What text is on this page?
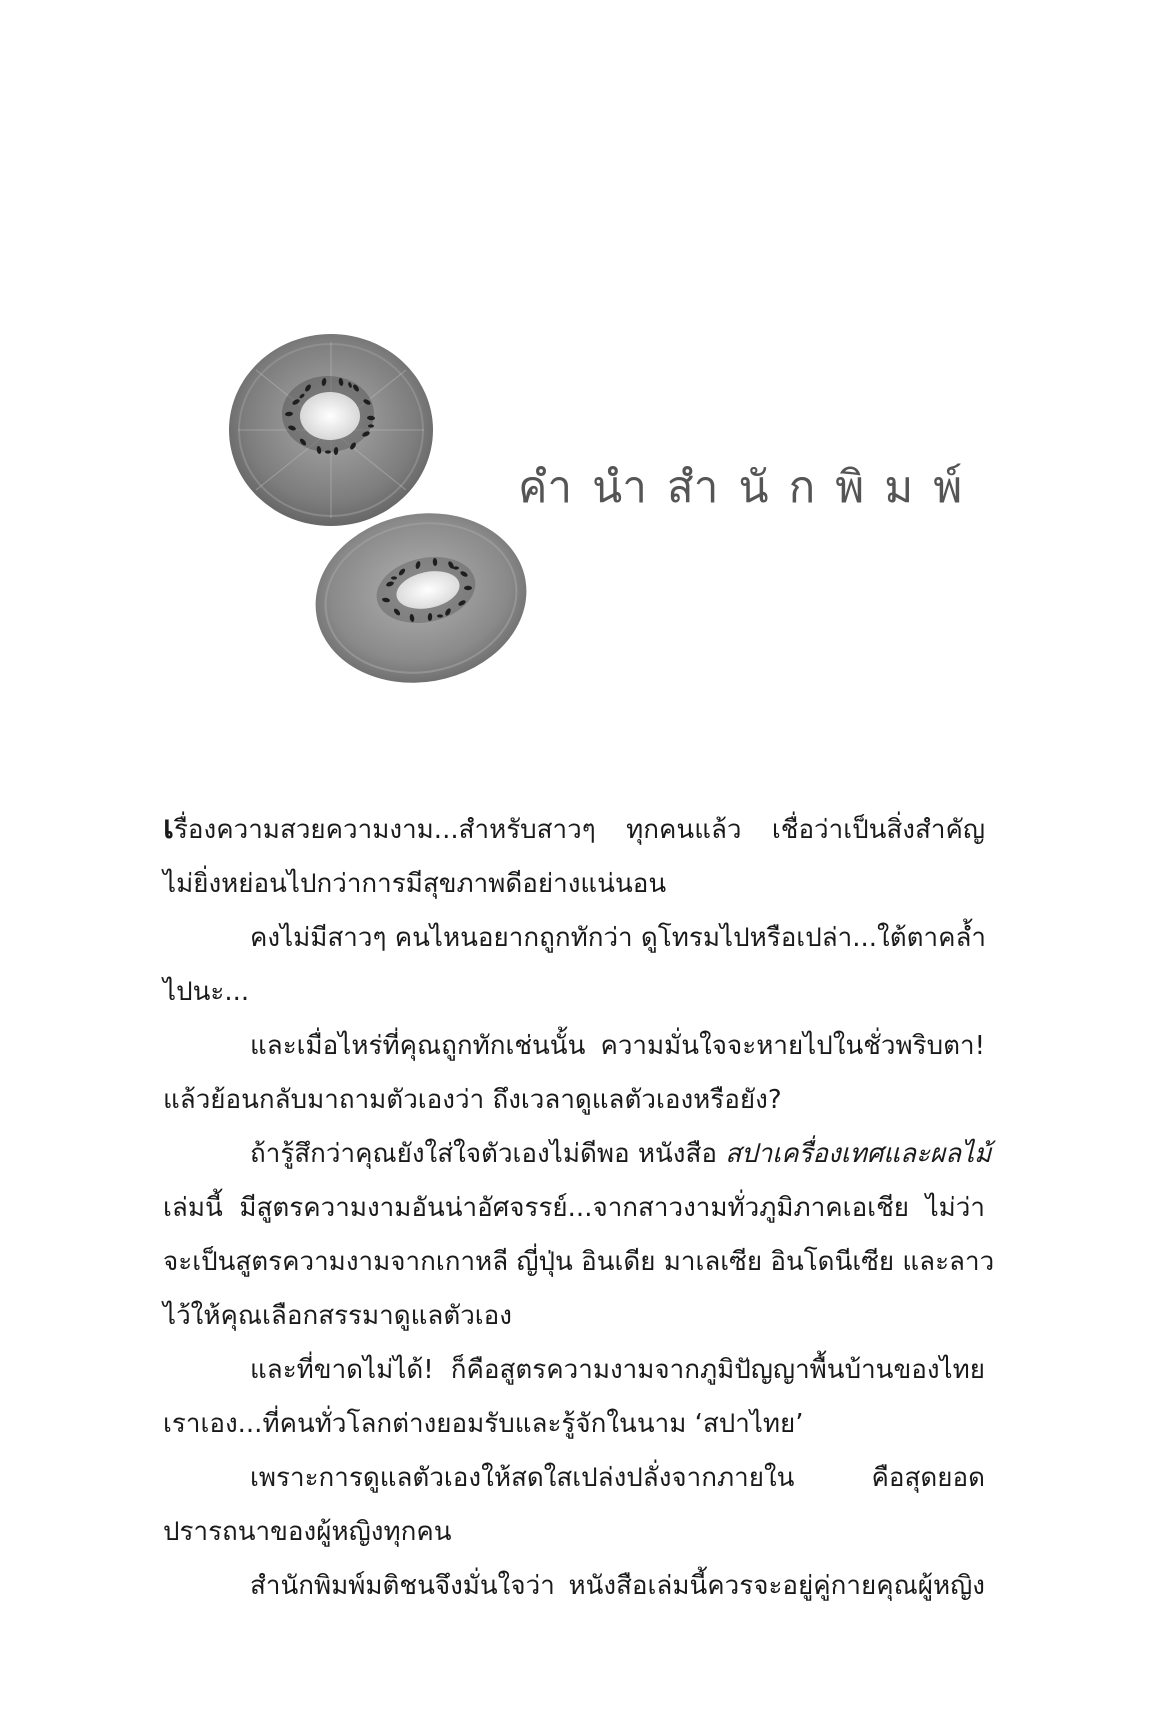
คำนำสำนักพิมพ์

เรื่องความสวยความงาม...สำหรับสาวๆ ทุกคนแล้ว เชื่อว่าเป็นสิ่งสำคัญ
ไม่ยิ่งหย่อนไปกว่าการมีสุขภาพดีอย่างแน่นอน

คงไม่มีสาวๆ คนไหนอยากถูกทักว่า ดูโทรมไปหรือเปล่า...ใต้ตาคล้ำ
ไปนะ...

และเมื่อไหร่ที่คุณถูกทักเช่นนั้น ความมั่นใจจะหายไปในชั่วพริบตา!
แล้วย้อนกลับมาถามตัวเองว่า ถึงเวลาดูแลตัวเองหรือยัง?

ถ้ารู้สึกว่าคุณยังใส่ใจตัวเองไม่ดีพอ หนังสือ สปาเครื่องเทศและผลไม้
เล่มนี้ มีสูตรความงามอันน่าอัศจรรย์...จากสาวงามทั่วภูมิภาคเอเชีย ไม่ว่า
จะเป็นสูตรความงามจากเกาหลี ญี่ปุ่น อินเดีย มาเลเซีย อินโดนีเซีย และลาว
ไว้ให้คุณเลือกสรรมาดูแลตัวเอง

และที่ขาดไม่ได้! ก็คือสูตรความงามจากภูมิปัญญาพื้นบ้านของไทย
เราเอง...ที่คนทั่วโลกต่างยอมรับและรู้จักในนาม ‘สปาไทย’

เพราะการดูแลตัวเองให้สดใสเปล่งปลั่งจากภายใน คือสุดยอด
ปรารถนาของผู้หญิงทุกคน

สำนักพิมพ์มติชนจึงมั่นใจว่า หนังสือเล่มนี้ควรจะอยู่คู่กายคุณผู้หญิง
